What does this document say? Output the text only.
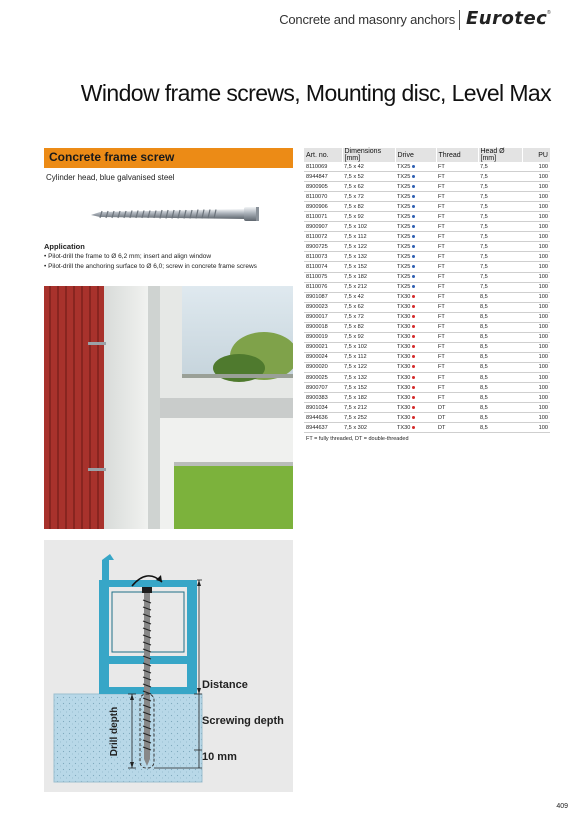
Concrete and masonry anchors Eurotec ®
Window frame screws, Mounting disc, Level Max
Concrete frame screw
Cylinder head, blue galvanised steel
Application
• Pilot-drill the frame to Ø 6,2 mm; insert and align window
• Pilot-drill the anchoring surface to Ø 6,0; screw in concrete frame screws
Distance
Screwing depth
10 mm
Drill depth
Art. no.	Dimensions [mm]	Drive	Thread	Head Ø [mm]	PU
8110069	7,5 x 42	TX25	FT	7,5	100
8944847	7,5 x 52	TX25	FT	7,5	100
8900905	7,5 x 62	TX25	FT	7,5	100
8110070	7,5 x 72	TX25	FT	7,5	100
8900906	7,5 x 82	TX25	FT	7,5	100
8110071	7,5 x 92	TX25	FT	7,5	100
8900907	7,5 x 102	TX25	FT	7,5	100
8110072	7,5 x 112	TX25	FT	7,5	100
8900725	7,5 x 122	TX25	FT	7,5	100
8110073	7,5 x 132	TX25	FT	7,5	100
8110074	7,5 x 152	TX25	FT	7,5	100
8110075	7,5 x 182	TX25	FT	7,5	100
8110076	7,5 x 212	TX25	FT	7,5	100
8901087	7,5 x 42	TX30	FT	8,5	100
8900023	7,5 x 62	TX30	FT	8,5	100
8900017	7,5 x 72	TX30	FT	8,5	100
8900018	7,5 x 82	TX30	FT	8,5	100
8900019	7,5 x 92	TX30	FT	8,5	100
8900021	7,5 x 102	TX30	FT	8,5	100
8900024	7,5 x 112	TX30	FT	8,5	100
8900020	7,5 x 122	TX30	FT	8,5	100
8900025	7,5 x 132	TX30	FT	8,5	100
8900707	7,5 x 152	TX30	FT	8,5	100
8900383	7,5 x 182	TX30	FT	8,5	100
8901034	7,5 x 212	TX30	DT	8,5	100
8944636	7,5 x 252	TX30	DT	8,5	100
8944637	7,5 x 302	TX30	DT	8,5	100
FT = fully threaded, DT = double-threaded
409
